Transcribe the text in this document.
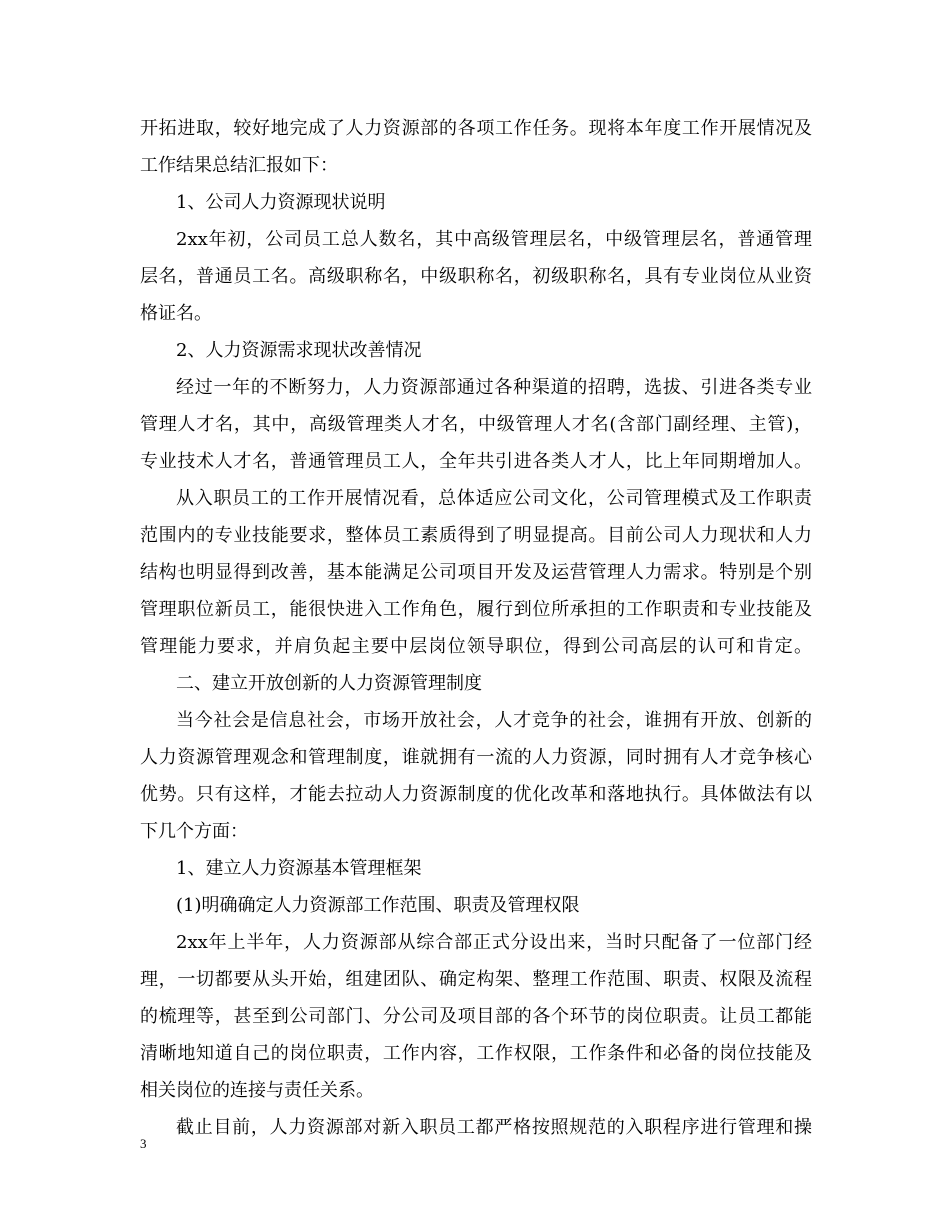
开拓进取，较好地完成了人力资源部的各项工作任务。现将本年度工作开展情况及
工作结果总结汇报如下：
1、公司人力资源现状说明
2xx年初，公司员工总人数名，其中高级管理层名，中级管理层名，普通管理
层名，普通员工名。高级职称名，中级职称名，初级职称名，具有专业岗位从业资
格证名。
2、人力资源需求现状改善情况
经过一年的不断努力，人力资源部通过各种渠道的招聘，选拔、引进各类专业
管理人才名，其中，高级管理类人才名，中级管理人才名(含部门副经理、主管)，
专业技术人才名，普通管理员工人，全年共引进各类人才人，比上年同期增加人。
从入职员工的工作开展情况看，总体适应公司文化，公司管理模式及工作职责
范围内的专业技能要求，整体员工素质得到了明显提高。目前公司人力现状和人力
结构也明显得到改善，基本能满足公司项目开发及运营管理人力需求。特别是个别
管理职位新员工，能很快进入工作角色，履行到位所承担的工作职责和专业技能及
管理能力要求，并肩负起主要中层岗位领导职位，得到公司高层的认可和肯定。
二、建立开放创新的人力资源管理制度
当今社会是信息社会，市场开放社会，人才竞争的社会，谁拥有开放、创新的
人力资源管理观念和管理制度，谁就拥有一流的人力资源，同时拥有人才竞争核心
优势。只有这样，才能去拉动人力资源制度的优化改革和落地执行。具体做法有以
下几个方面：
1、建立人力资源基本管理框架
(1)明确确定人力资源部工作范围、职责及管理权限
2xx年上半年，人力资源部从综合部正式分设出来，当时只配备了一位部门经
理，一切都要从头开始，组建团队、确定构架、整理工作范围、职责、权限及流程
的梳理等，甚至到公司部门、分公司及项目部的各个环节的岗位职责。让员工都能
清晰地知道自己的岗位职责，工作内容，工作权限，工作条件和必备的岗位技能及
相关岗位的连接与责任关系。
截止目前，人力资源部对新入职员工都严格按照规范的入职程序进行管理和操
3
